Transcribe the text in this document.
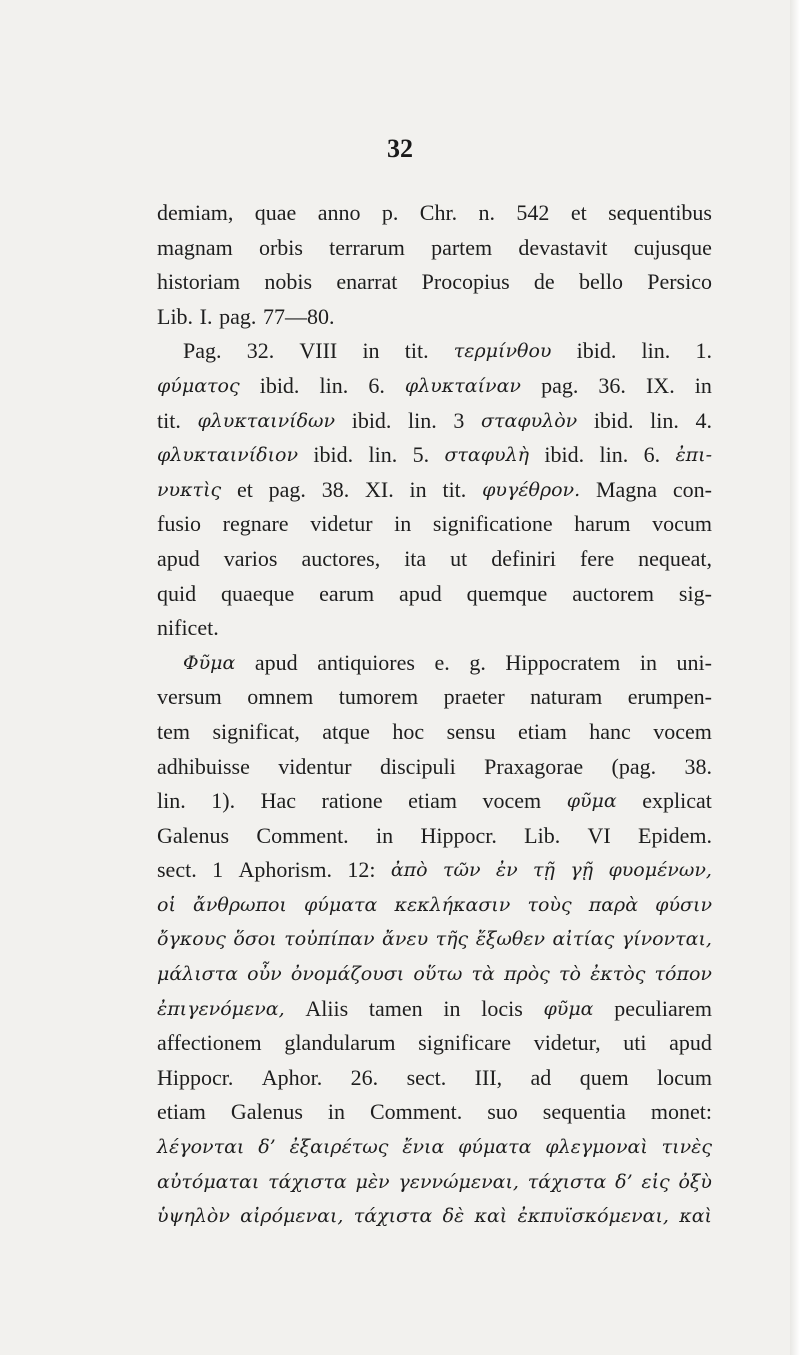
32
demiam, quae anno p. Chr. n. 542 et sequentibus
magnam orbis terrarum partem devastavit cujusque
historiam nobis enarrat Procopius de bello Persico
Lib. I. pag. 77—80.
Pag. 32. VIII in tit. τερμίνθου ibid. lin. 1.
φύματος ibid. lin. 6. φλυκταίναν pag. 36. IX. in
tit. φλυκταινίδων ibid. lin. 3 σταφυλὸν ibid. lin. 4.
φλυκταινίδιον ibid. lin. 5. σταφυλὴ ibid. lin. 6. ἐπι-
νυκτὶς et pag. 38. XI. in tit. φυγέθρον. Magna con-
fusio regnare videtur in significatione harum vocum
apud varios auctores, ita ut definiri fere nequeat,
quid quaeque earum apud quemque auctorem sig-
nificet.
Φῦμα apud antiquiores e. g. Hippocratem in uni-
versum omnem tumorem praeter naturam erumpen-
tem significat, atque hoc sensu etiam hanc vocem
adhibuisse videntur discipuli Praxagorae (pag. 38.
lin. 1). Hac ratione etiam vocem φῦμα explicat
Galenus Comment. in Hippocr. Lib. VI Epidem.
sect. 1 Aphorism. 12: ἀπὸ τῶν ἐν τῇ γῇ φυομένων,
οἱ ἄνθρωποι φύματα κεκλήκασιν τοὺς παρὰ φύσιν
ὄγκους ὅσοι τοὐπίπαν ἄνευ τῆς ἔξωθεν αἰτίας γίνονται,
μάλιστα οὖν ὀνομάζουσι οὕτω τὰ πρὸς τὸ ἐκτὸς τόπον
ἐπιγενόμενα, Aliis tamen in locis φῦμα peculiarem
affectionem glandularum significare videtur, uti apud
Hippocr. Aphor. 26. sect. III, ad quem locum
etiam Galenus in Comment. suo sequentia monet:
λέγονται δ’ ἐξαιρέτως ἔνια φύματα φλεγμοναὶ τινὲς
αὐτόμαται τάχιστα μὲν γεννώμεναι, τάχιστα δ’ εἰς ὀξὺ
ὑψηλὸν αἰρόμεναι, τάχιστα δὲ καὶ ἐκπυϊσκόμεναι, καὶ
